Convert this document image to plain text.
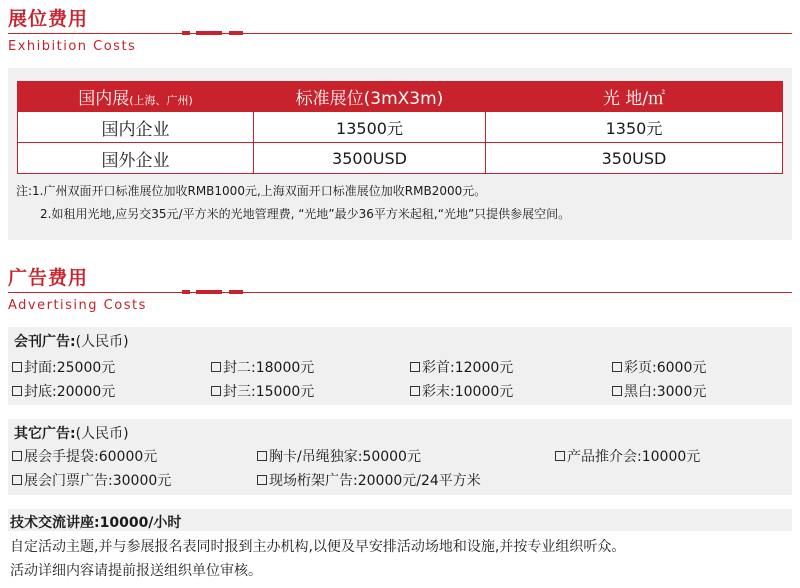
展位费用
Exhibition Costs
国内展(上海、广州)	标准展位(3mX3m)	光 地/㎡
国内企业	13500元	1350元
国外企业	3500USD	350USD
注:1.广州双面开口标准展位加收RMB1000元,上海双面开口标准展位加收RMB2000元。
2.如租用光地,应另交35元/平方米的光地管理费, “光地”最少36平方米起租,“光地”只提供参展空间。
广告费用
Advertising Costs
会刊广告:(人民币)
封面:25000元	封二:18000元	彩首:12000元	彩页:6000元
封底:20000元	封三:15000元	彩末:10000元	黑白:3000元
其它广告:(人民币)
展会手提袋:60000元	胸卡/吊绳独家:50000元	产品推介会:10000元
展会门票广告:30000元	现场桁架广告:20000元/24平方米
技术交流讲座:10000/小时
自定活动主题,并与参展报名表同时报到主办机构,以便及早安排活动场地和设施,并按专业组织听众。
活动详细内容请提前报送组织单位审核。
